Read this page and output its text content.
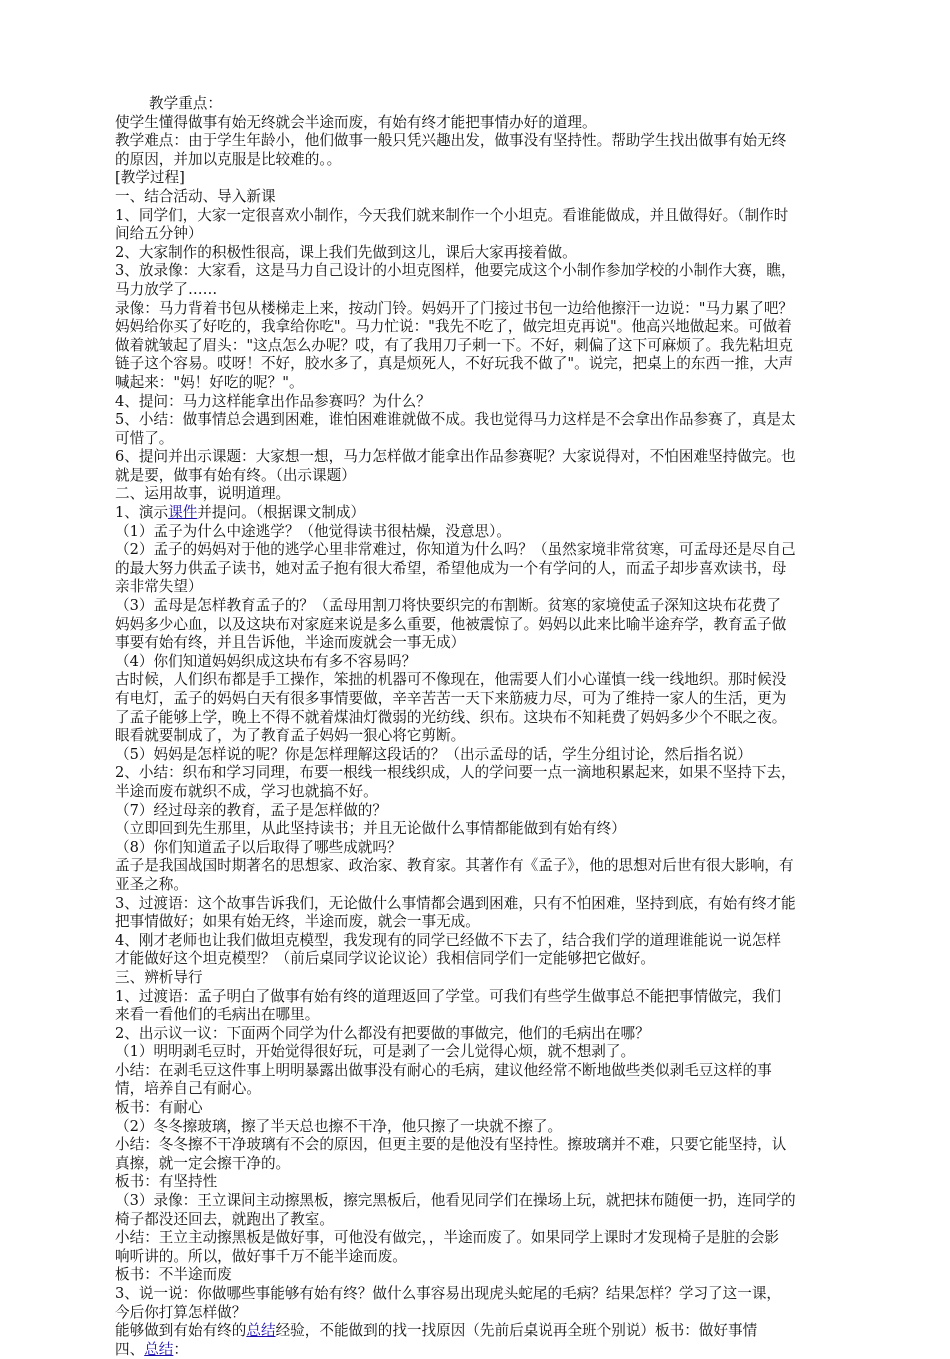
教学重点：
使学生懂得做事有始无终就会半途而废，有始有终才能把事情办好的道理。
教学难点：由于学生年龄小，他们做事一般只凭兴趣出发，做事没有坚持性。帮助学生找出做事有始无终
的原因，并加以克服是比较难的。。
[教学过程]
一、结合活动、导入新课
1、同学们，大家一定很喜欢小制作，今天我们就来制作一个小坦克。看谁能做成，并且做得好。（制作时
间给五分钟）
2、大家制作的积极性很高，课上我们先做到这儿，课后大家再接着做。
3、放录像：大家看，这是马力自己设计的小坦克图样，他要完成这个小制作参加学校的小制作大赛，瞧，
马力放学了……
录像：马力背着书包从楼梯走上来，按动门铃。妈妈开了门接过书包一边给他擦汗一边说："马力累了吧？
妈妈给你买了好吃的，我拿给你吃"。马力忙说："我先不吃了，做完坦克再说"。他高兴地做起来。可做着
做着就皱起了眉头："这点怎么办呢？哎，有了我用刀子刺一下。不好，刺偏了这下可麻烦了。我先粘坦克
链子这个容易。哎呀！不好，胶水多了，真是烦死人，不好玩我不做了"。说完，把桌上的东西一推，大声
喊起来："妈！好吃的呢？"。
4、提问：马力这样能拿出作品参赛吗？为什么？
5、小结：做事情总会遇到困难，谁怕困难谁就做不成。我也觉得马力这样是不会拿出作品参赛了，真是太
可惜了。
6、提问并出示课题：大家想一想，马力怎样做才能拿出作品参赛呢？大家说得对，不怕困难坚持做完。也
就是要，做事有始有终。（出示课题）
二、运用故事，说明道理。
1、演示课件并提问。（根据课文制成）
（1）孟子为什么中途逃学？（他觉得读书很枯燥，没意思）。
（2）孟子的妈妈对于他的逃学心里非常难过，你知道为什么吗？（虽然家境非常贫寒，可孟母还是尽自己
的最大努力供孟子读书，她对孟子抱有很大希望，希望他成为一个有学问的人，而孟子却步喜欢读书，母
亲非常失望）
（3）孟母是怎样教育孟子的？（孟母用割刀将快要织完的布割断。贫寒的家境使孟子深知这块布花费了
妈妈多少心血，以及这块布对家庭来说是多么重要，他被震惊了。妈妈以此来比喻半途弃学，教育孟子做
事要有始有终，并且告诉他，半途而废就会一事无成）
（4）你们知道妈妈织成这块布有多不容易吗？
古时候，人们织布都是手工操作，笨拙的机器可不像现在，他需要人们小心谨慎一线一线地织。那时候没
有电灯，孟子的妈妈白天有很多事情要做，辛辛苦苦一天下来筋疲力尽，可为了维持一家人的生活，更为
了孟子能够上学，晚上不得不就着煤油灯微弱的光纺线、织布。这块布不知耗费了妈妈多少个不眠之夜。
眼看就要制成了，为了教育孟子妈妈一狠心将它剪断。
（5）妈妈是怎样说的呢？你是怎样理解这段话的？（出示孟母的话，学生分组讨论，然后指名说）
2、小结：织布和学习同理，布要一根线一根线织成，人的学问要一点一滴地积累起来，如果不坚持下去，
半途而废布就织不成，学习也就搞不好。
（7）经过母亲的教育，孟子是怎样做的？
（立即回到先生那里，从此坚持读书；并且无论做什么事情都能做到有始有终）
（8）你们知道孟子以后取得了哪些成就吗？
孟子是我国战国时期著名的思想家、政治家、教育家。其著作有《孟子》，他的思想对后世有很大影响，有
亚圣之称。
3、过渡语：这个故事告诉我们，无论做什么事情都会遇到困难，只有不怕困难，坚持到底，有始有终才能
把事情做好；如果有始无终，半途而废，就会一事无成。
4、刚才老师也让我们做坦克模型，我发现有的同学已经做不下去了，结合我们学的道理谁能说一说怎样
才能做好这个坦克模型？（前后桌同学议论议论）我相信同学们一定能够把它做好。
三、辨析导行
1、过渡语：孟子明白了做事有始有终的道理返回了学堂。可我们有些学生做事总不能把事情做完，我们
来看一看他们的毛病出在哪里。
2、出示议一议：下面两个同学为什么都没有把要做的事做完，他们的毛病出在哪？
（1）明明剥毛豆时，开始觉得很好玩，可是剥了一会儿觉得心烦，就不想剥了。
小结：在剥毛豆这件事上明明暴露出做事没有耐心的毛病，建议他经常不断地做些类似剥毛豆这样的事
情，培养自己有耐心。
板书：有耐心
（2）冬冬擦玻璃，擦了半天总也擦不干净，他只擦了一块就不擦了。
小结：冬冬擦不干净玻璃有不会的原因，但更主要的是他没有坚持性。擦玻璃并不难，只要它能坚持，认
真擦，就一定会擦干净的。
板书：有坚持性
（3）录像：王立课间主动擦黑板，擦完黑板后，他看见同学们在操场上玩，就把抹布随便一扔，连同学的
椅子都没还回去，就跑出了教室。
小结：王立主动擦黑板是做好事，可他没有做完，，半途而废了。如果同学上课时才发现椅子是脏的会影
响听讲的。所以，做好事千万不能半途而废。
板书：不半途而废
3、说一说：你做哪些事能够有始有终？做什么事容易出现虎头蛇尾的毛病？结果怎样？学习了这一课，
今后你打算怎样做？
能够做到有始有终的总结经验，不能做到的找一找原因（先前后桌说再全班个别说）板书：做好事情
四、总结：
